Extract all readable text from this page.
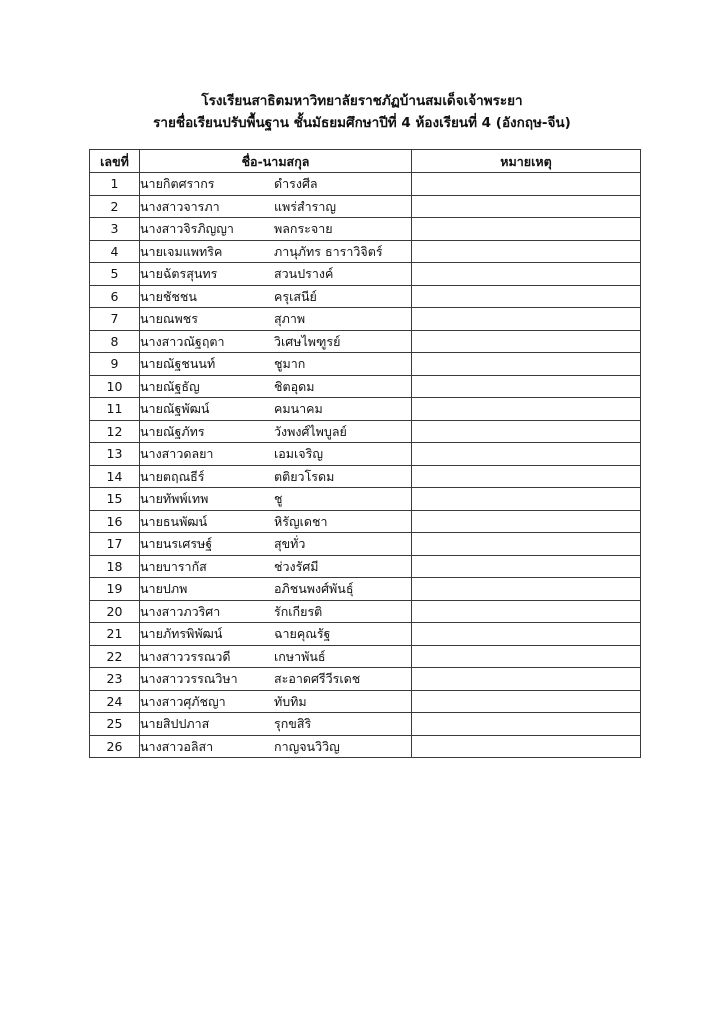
โรงเรียนสาธิตมหาวิทยาลัยราชภัฏบ้านสมเด็จเจ้าพระยา
รายชื่อเรียนปรับพื้นฐาน ชั้นมัธยมศึกษาปีที่ 4 ห้องเรียนที่ 4 (อังกฤษ-จีน)
เลขที่	ชื่อ-นามสกุล	หมายเหตุ
1	นายกิตศรากร ดำรงศีล	
2	นางสาวจารภา แพร่สำราญ	
3	นางสาวจิรภิญญา พลกระจาย	
4	นายเจมแพทริค ภานุภัทร ธาราวิจิตร์	
5	นายฉัตรสุนทร สวนปรางค์	
6	นายชัชชน ครุเสนีย์	
7	นายณพชร สุภาพ	
8	นางสาวณัฐฤตา วิเศษไพฑูรย์	
9	นายณัฐชนนท์ ชูมาก	
10	นายณัฐธัญ ชิตอุดม	
11	นายณัฐพัฒน์ คมนาคม	
12	นายณัฐภัทร วังพงศ์ไพบูลย์	
13	นางสาวดลยา เอมเจริญ	
14	นายตฤณธีร์ ตติยวโรดม	
15	นายทัพพ์เทพ ชู	
16	นายธนพัฒน์ หิรัญเดชา	
17	นายนรเศรษฐ์ สุขทั่ว	
18	นายบารากัส ช่วงรัศมี	
19	นายปภพ อภิชนพงศ์พันธุ์	
20	นางสาวภวริศา รักเกียรติ	
21	นายภัทรพิพัฒน์ ฉายคุณรัฐ	
22	นางสาววรรณวดี เกษาพันธ์	
23	นางสาววรรณวิษา สะอาดศรีวีรเดช	
24	นางสาวศุภัชญา ทับทิม	
25	นายสิปปภาส รุกขสิริ	
26	นางสาวอลิสา กาญจนวิวิญ	
